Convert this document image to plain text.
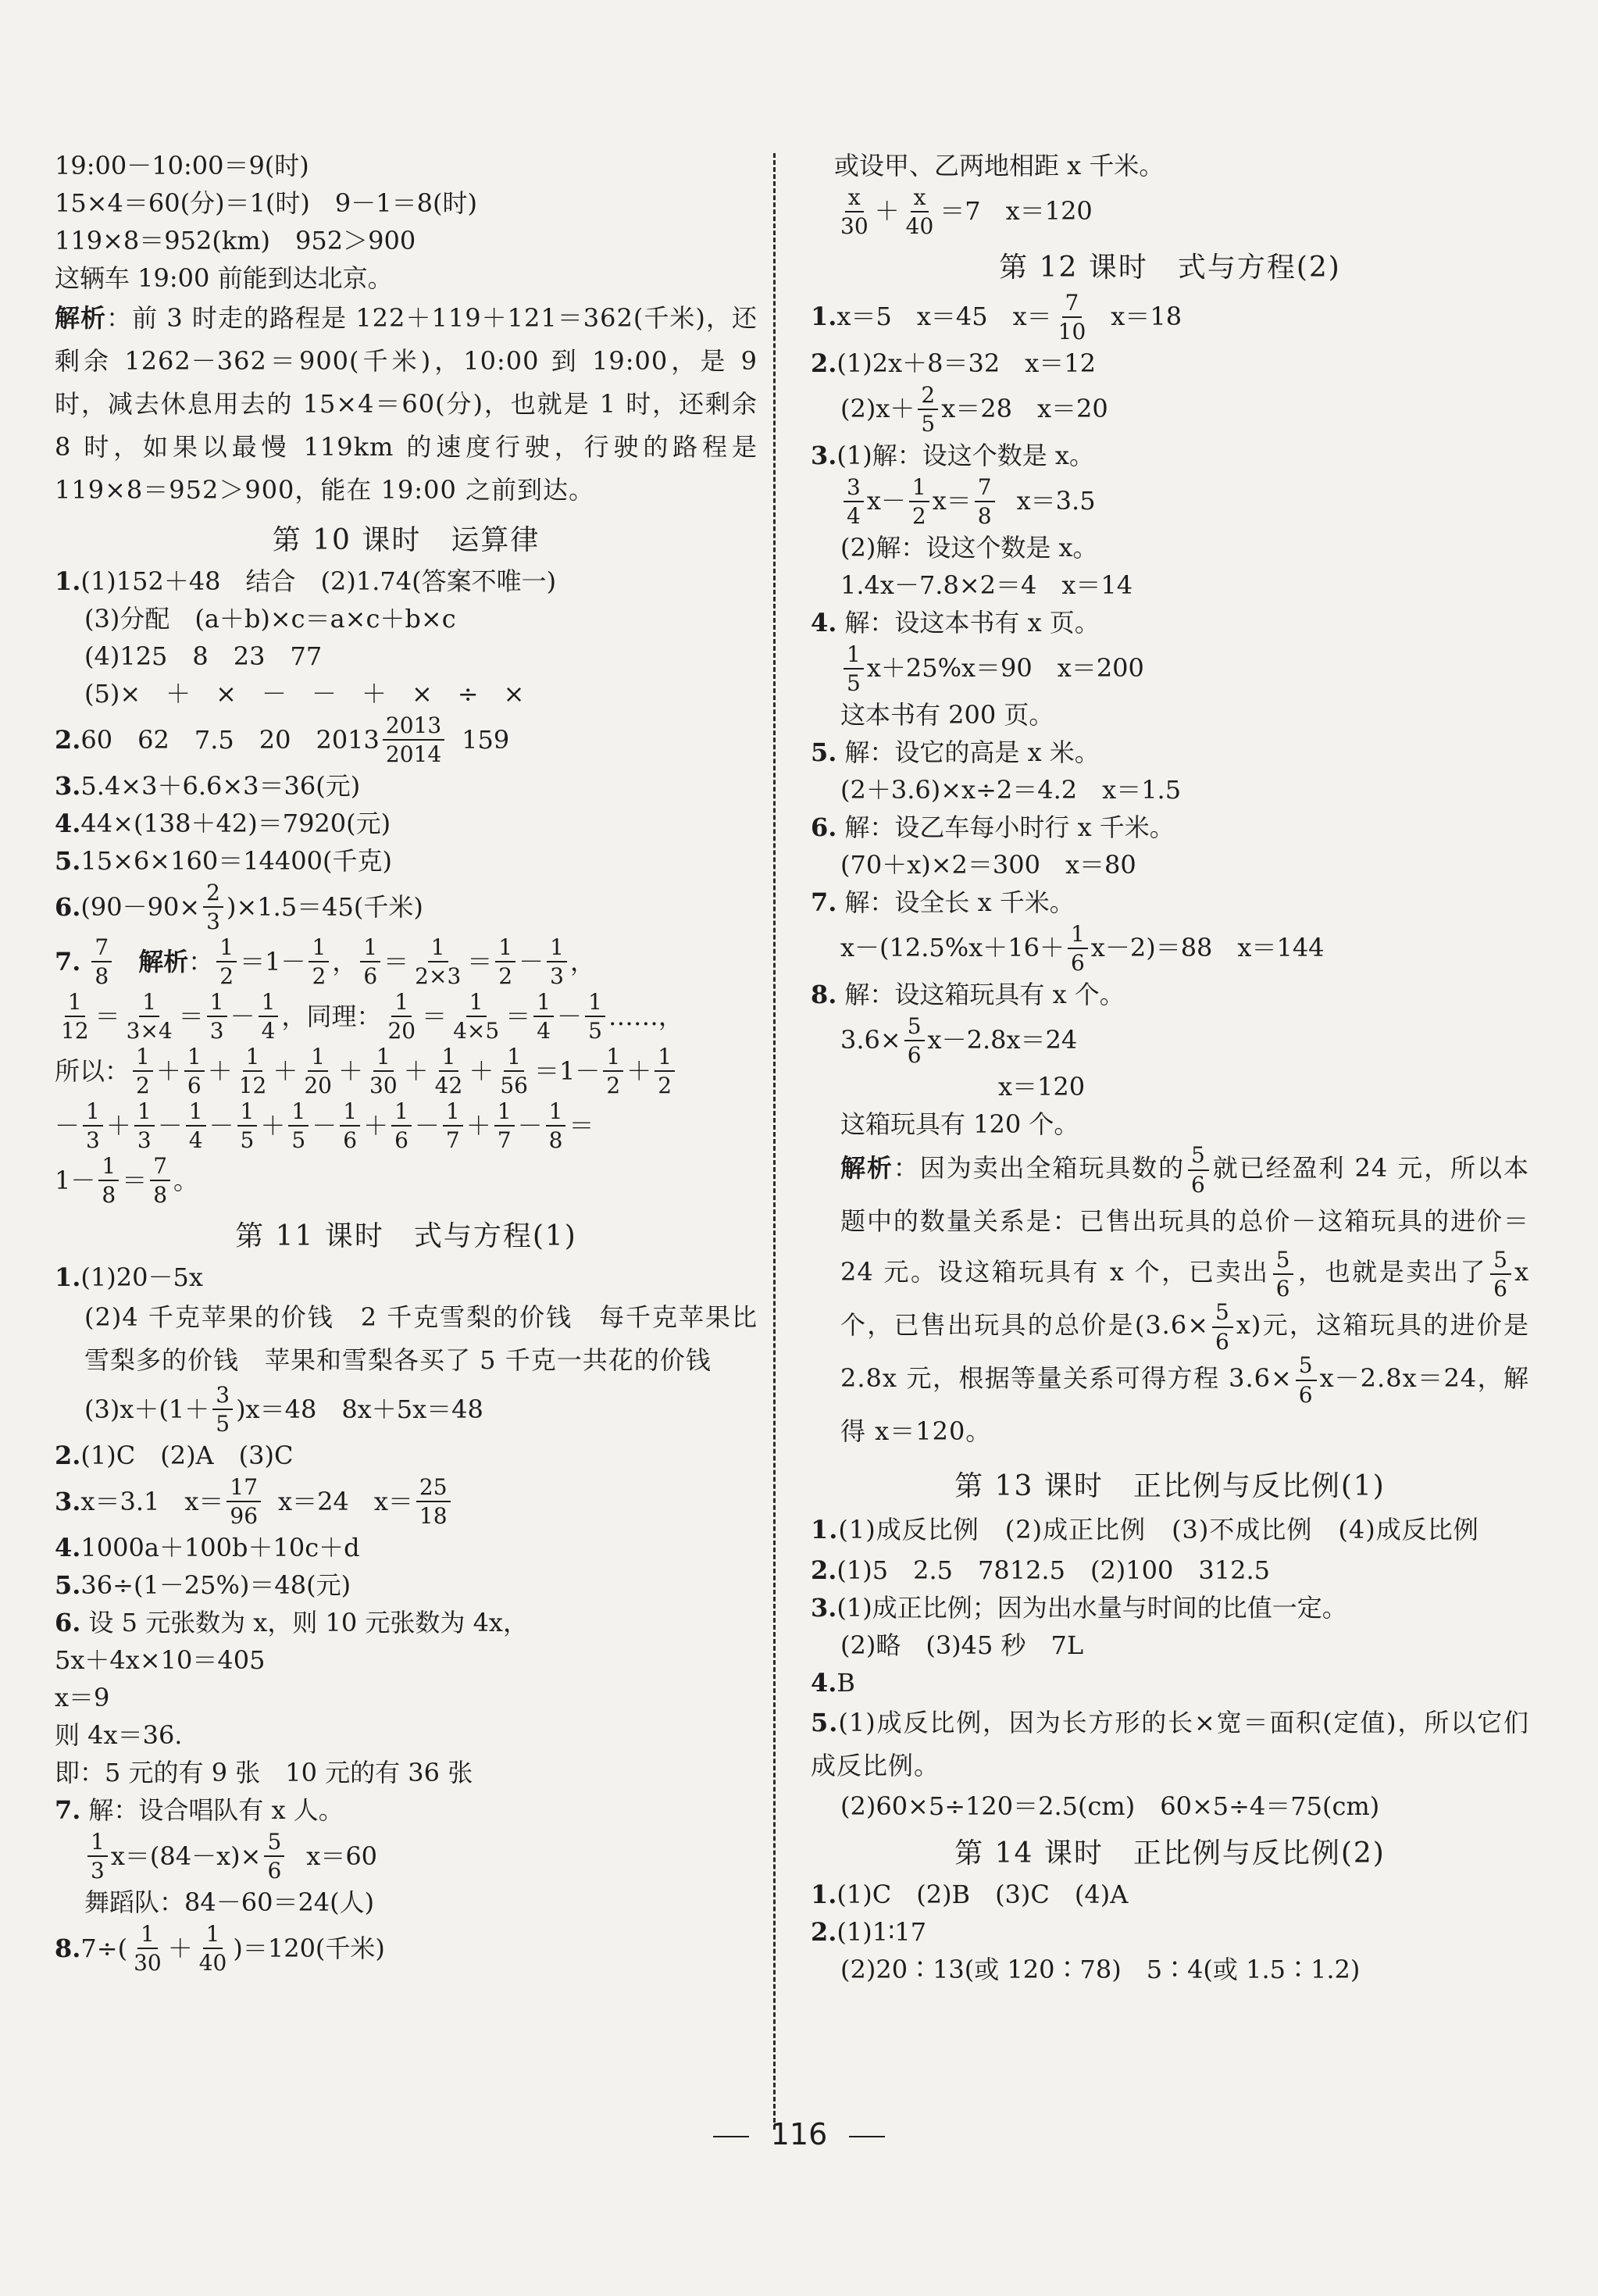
19:00－10:00＝9(时)
15×4＝60(分)＝1(时)　9－1＝8(时)
119×8＝952(km)　952＞900
这辆车 19:00 前能到达北京。
解析：前 3 时走的路程是 122＋119＋121＝362(千米)，还剩余 1262－362＝900(千米)，10:00 到 19:00，是 9 时，减去休息用去的 15×4＝60(分)，也就是 1 时，还剩余 8 时，如果以最慢 119km 的速度行驶，行驶的路程是 119×8＝952＞900，能在 19:00 之前到达。
第 10 课时　运算律
1.(1)152＋48　结合　(2)1.74(答案不唯一)
(3)分配　(a＋b)×c＝a×c＋b×c
(4)125　8　23　77
(5)×　＋　×　－　－　＋　×　÷　×
2. 60　62　7.5　20　$2013 \frac{2013}{2014} 159$
3.5.4×3＋6.6×3＝36(元)
4.44×(138＋42)＝7920(元)
5.15×6×160＝14400(千克)
6. $(90-90\times \frac{2}{3} )\times 1.5=45$(千米)
7. $\frac{7}{8}$ 解析 ： $\frac{1}{2} = 1 - \frac{1}{2}$ ， $\frac{1}{6} = \frac{1}{2\times 3} = \frac{1}{2} - \frac{1}{3}$ ，
$\frac{1}{12} = \frac{1}{3\times 4} = \frac{1}{3} - \frac{1}{4}$ ，同理： $\frac{1}{20} = \frac{1}{4\times 5} = \frac{1}{4} - \frac{1}{5}$ ……，
所以： $\frac{1}{2} + \frac{1}{6} + \frac{1}{12} + \frac{1}{20} + \frac{1}{30} + \frac{1}{42} + \frac{1}{56} = 1 - \frac{1}{2} + \frac{1}{2}$
－ $\frac{1}{3} + \frac{1}{3} - \frac{1}{4} - \frac{1}{5} + \frac{1}{5} - \frac{1}{6} + \frac{1}{6} - \frac{1}{7} + \frac{1}{7} - \frac{1}{8}$ ＝
$1- \frac{1}{8} = \frac{7}{8}$ 。
第 11 课时　式与方程(1)
1.(1)20－5x
(2)4 千克苹果的价钱　2 千克雪梨的价钱　每千克苹果比雪梨多的价钱　苹果和雪梨各买了 5 千克一共花的价钱
$(3)x+(1+ \frac{3}{5} )x=48$　8x＋5x＝48
2.(1)C　(2)A　(3)C
3. x＝3.1　$x= \frac{17}{96} x=24$　$x= \frac{25}{18}$
4.1000a＋100b＋10c＋d
5.36÷(1－25%)＝48(元)
6. 设 5 元张数为 x，则 10 元张数为 4x，
5x＋4x×10＝405
x＝9
则 4x＝36.
即：5 元的有 9 张　10 元的有 36 张
7. 解：设合唱队有 x 人。
$\frac{1}{3} x=(84-x)\times \frac{5}{6} x=60$
舞蹈队：84－60＝24(人)
8. $7\div( \frac{1}{30} + \frac{1}{40} )=120$(千米)
或设甲、乙两地相距 x 千米。
$\frac{x}{30} + \frac{x}{40} =7$　x＝120
第 12 课时　式与方程(2)
1. x＝5　x＝45　$x= \frac{7}{10} x=18$
2.(1)2x＋8＝32　x＝12
$(2)x+ \frac{2}{5} x=28$　x＝20
3.(1)解：设这个数是 x。
$\frac{3}{4} x- \frac{1}{2} x= \frac{7}{8} x=3.5$
(2)解：设这个数是 x。
1.4x－7.8×2＝4　x＝14
4. 解：设这本书有 x 页。
$\frac{1}{5} x+25\%x=90$　x＝200
这本书有 200 页。
5. 解：设它的高是 x 米。
(2＋3.6)×x÷2＝4.2　x＝1.5
6. 解：设乙车每小时行 x 千米。
(70＋x)×2＝300　x＝80
7. 解：设全长 x 千米。
$x-(12.5\%x+16+ \frac{1}{6} x-2)=88$　x＝144
8. 解：设这箱玩具有 x 个。
$3.6\times \frac{5}{6} x-2.8x=24$
x＝120
这箱玩具有 120 个。
解析：因为卖出全箱玩具数的 $\frac{5}{6}$ 就已经盈利 24 元，所以本题中的数量关系是：已售出玩具的总价－这箱玩具的进价＝24 元。设这箱玩具有 x 个，已卖出 $\frac{5}{6}$ ，也就是卖出了 $\frac{5}{6}$ x 个，已售出玩具的总价是$(3.6\times \frac{5}{6} x)$元，这箱玩具的进价是 2.8x 元，根据等量关系可得方程 $3.6\times \frac{5}{6} x-2.8x=24$，解得 x＝120。
第 13 课时　正比例与反比例(1)
1.(1)成反比例　(2)成正比例　(3)不成比例　(4)成反比例
2.(1)5　2.5　7812.5　(2)100　312.5
3.(1)成正比例；因为出水量与时间的比值一定。
(2)略　(3)45 秒　7L
4.B
5.(1)成反比例，因为长方形的长×宽＝面积(定值)，所以它们成反比例。
(2)60×5÷120＝2.5(cm)　60×5÷4＝75(cm)
第 14 课时　正比例与反比例(2)
1.(1)C　(2)B　(3)C　(4)A
2.(1)1∶17
(2)20∶13(或 120∶78)　5∶4(或 1.5∶1.2)
116
